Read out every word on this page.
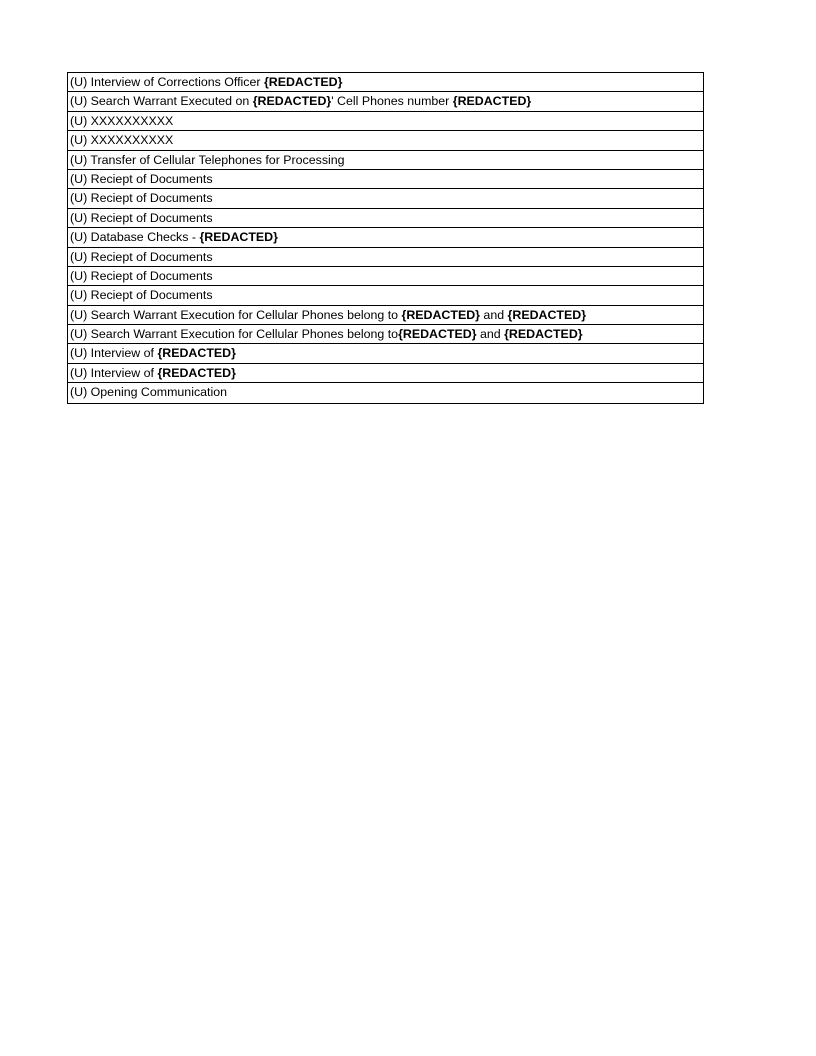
(U) Interview of Corrections Officer {REDACTED}
(U) Search Warrant Executed on {REDACTED}' Cell Phones number {REDACTED}
(U) XXXXXXXXXX
(U) XXXXXXXXXX
(U) Transfer of Cellular Telephones for Processing
(U) Reciept of Documents
(U) Reciept of Documents
(U) Reciept of Documents
(U) Database Checks - {REDACTED}
(U) Reciept of Documents
(U) Reciept of Documents
(U) Reciept of Documents
(U) Search Warrant Execution for Cellular Phones belong to {REDACTED} and {REDACTED}
(U) Search Warrant Execution for Cellular Phones belong to{REDACTED} and {REDACTED}
(U) Interview of {REDACTED}
(U) Interview of {REDACTED}
(U) Opening Communication
